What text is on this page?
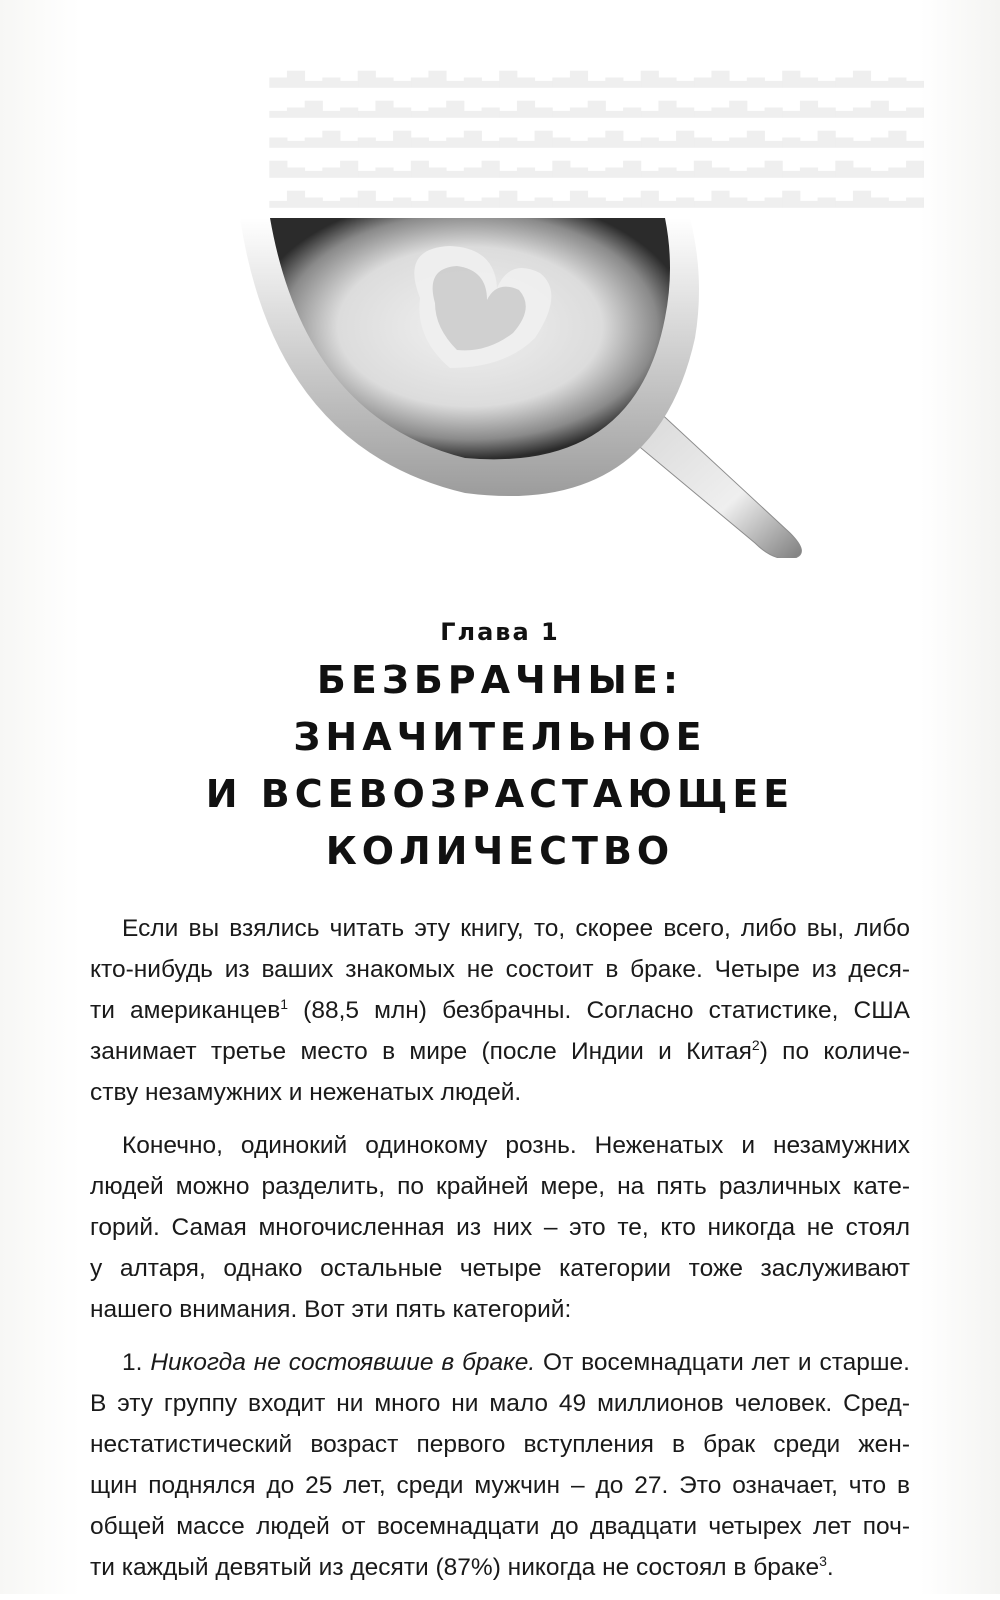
▂▃▂▅▃▂▃▅▂▃▂▅▃▂▃▅▂▃▂▅▃▂▃▅▂▃▂▅▃▂▃▅▂▃▂▅▃
▃▂▅▃▂▃▅▂▃▂▅▃▂▃▅▂▃▂▅▃▂▃▅▂▃▂▅▃▂▃▅▂▃▂▅▃▂
▂▅▃▂▃▅▂▃▂▅▃▂▃▅▂▃▂▅▃▂▃▅▂▃▂▅▃▂▃▅▂▃▂▅▃▂▃
▅▃▂▃▅▂▃▂▅▃▂▃▅▂▃▂▅▃▂▃▅▂▃▂▅▃▂▃▅▂▃▂▅▃▂▃▅
▃▂▃▅▂▃▂▅▃▂▃▅▂▃▂▅▃▂▃▅▂▃▂▅▃▂▃▅▂▃▂▅▃▂▃▅▂
Глава 1
БЕЗБРАЧНЫЕ:
ЗНАЧИТЕЛЬНОЕ
И ВСЕВОЗРАСТАЮЩЕЕ
КОЛИЧЕСТВО
Если вы взялись читать эту книгу, то, скорее всего, либо вы, либо
кто-нибудь из ваших знакомых не состоит в браке. Четыре из деся-
ти американцев$^1$ (88,5 млн) безбрачны. Согласно статистике, США
занимает третье место в мире (после Индии и Китая$^2$) по количе-
ству незамужних и неженатых людей.
Конечно, одинокий одинокому рознь. Неженатых и незамужних
людей можно разделить, по крайней мере, на пять различных кате-
горий. Самая многочисленная из них – это те, кто никогда не стоял
у алтаря, однако остальные четыре категории тоже заслуживают
нашего внимания. Вот эти пять категорий:
1. Никогда не состоявшие в браке. От восемнадцати лет и старше.
В эту группу входит ни много ни мало 49 миллионов человек. Сред-
нестатистический возраст первого вступления в брак среди жен-
щин поднялся до 25 лет, среди мужчин – до 27. Это означает, что в
общей массе людей от восемнадцати до двадцати четырех лет поч-
ти каждый девятый из десяти (87%) никогда не состоял в браке$^3$.
